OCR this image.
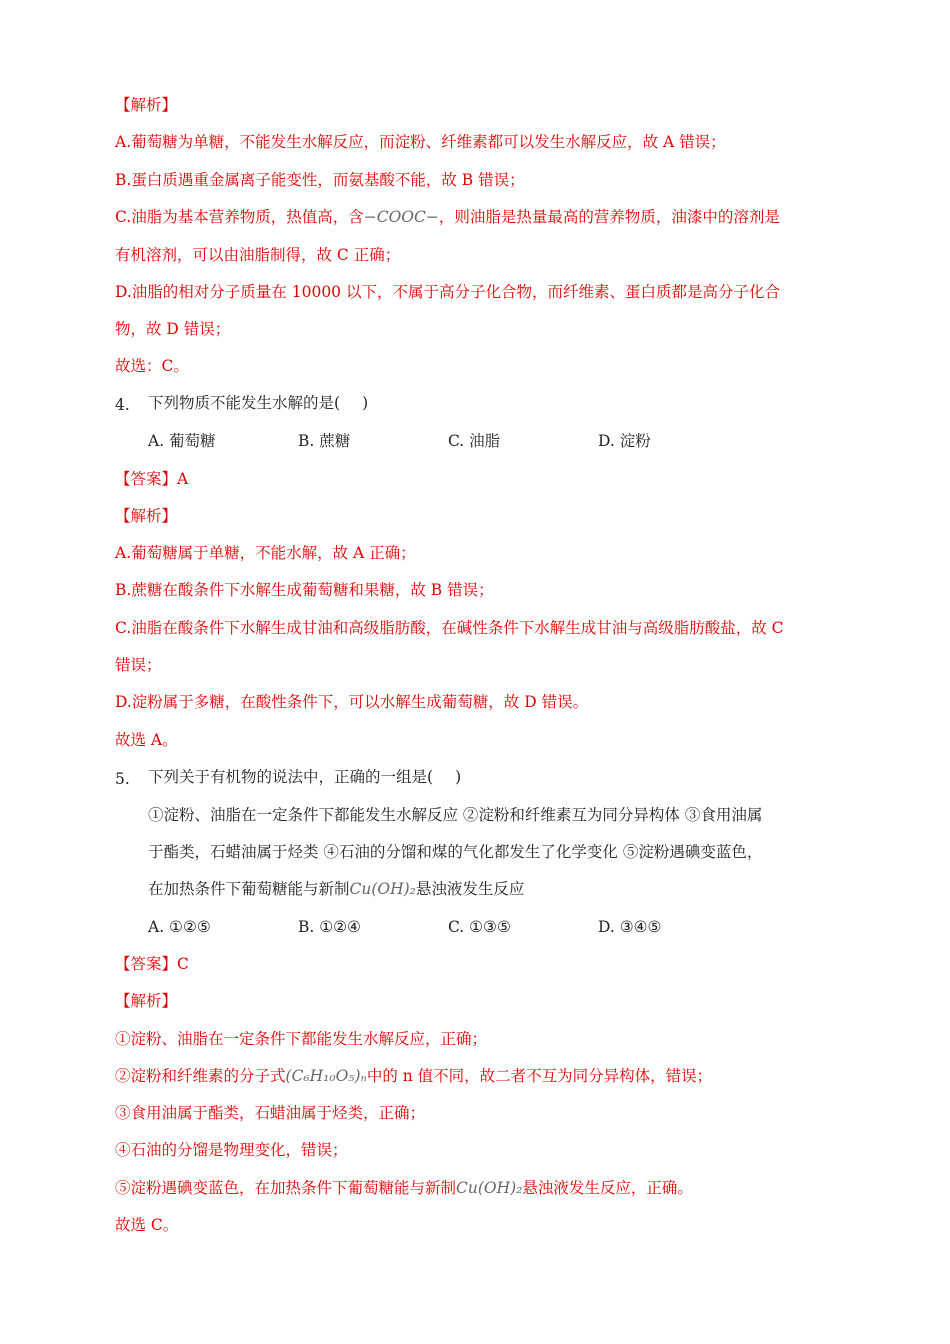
【解析】
A.葡萄糖为单糖，不能发生水解反应，而淀粉、纤维素都可以发生水解反应，故 A 错误；
B.蛋白质遇重金属离子能变性，而氨基酸不能，故 B 错误；
C.油脂为基本营养物质，热值高，含−COOC−，则油脂是热量最高的营养物质，油漆中的溶剂是
有机溶剂，可以由油脂制得，故 C 正确；
D.油脂的相对分子质量在 10000 以下，不属于高分子化合物，而纤维素、蛋白质都是高分子化合
物，故 D 错误；
故选：C。
4. 下列物质不能发生水解的是( )
A. 葡萄糖	B. 蔗糖	C. 油脂	D. 淀粉
【答案】A
【解析】
A.葡萄糖属于单糖，不能水解，故 A 正确；
B.蔗糖在酸条件下水解生成葡萄糖和果糖，故 B 错误；
C.油脂在酸条件下水解生成甘油和高级脂肪酸，在碱性条件下水解生成甘油与高级脂肪酸盐，故 C
错误；
D.淀粉属于多糖，在酸性条件下，可以水解生成葡萄糖，故 D 错误。
故选 A。
5. 下列关于有机物的说法中，正确的一组是( )
①淀粉、油脂在一定条件下都能发生水解反应 ②淀粉和纤维素互为同分异构体 ③食用油属
于酯类，石蜡油属于烃类 ④石油的分馏和煤的气化都发生了化学变化 ⑤淀粉遇碘变蓝色，
在加热条件下葡萄糖能与新制Cu(OH)₂悬浊液发生反应
A. ①②⑤	B. ①②④	C. ①③⑤	D. ③④⑤
【答案】C
【解析】
①淀粉、油脂在一定条件下都能发生水解反应，正确；
②淀粉和纤维素的分子式(C₆H₁₀O₅)ₙ中的 n 值不同，故二者不互为同分异构体，错误；
③食用油属于酯类，石蜡油属于烃类，正确；
④石油的分馏是物理变化，错误；
⑤淀粉遇碘变蓝色，在加热条件下葡萄糖能与新制Cu(OH)₂悬浊液发生反应，正确。
故选 C。
